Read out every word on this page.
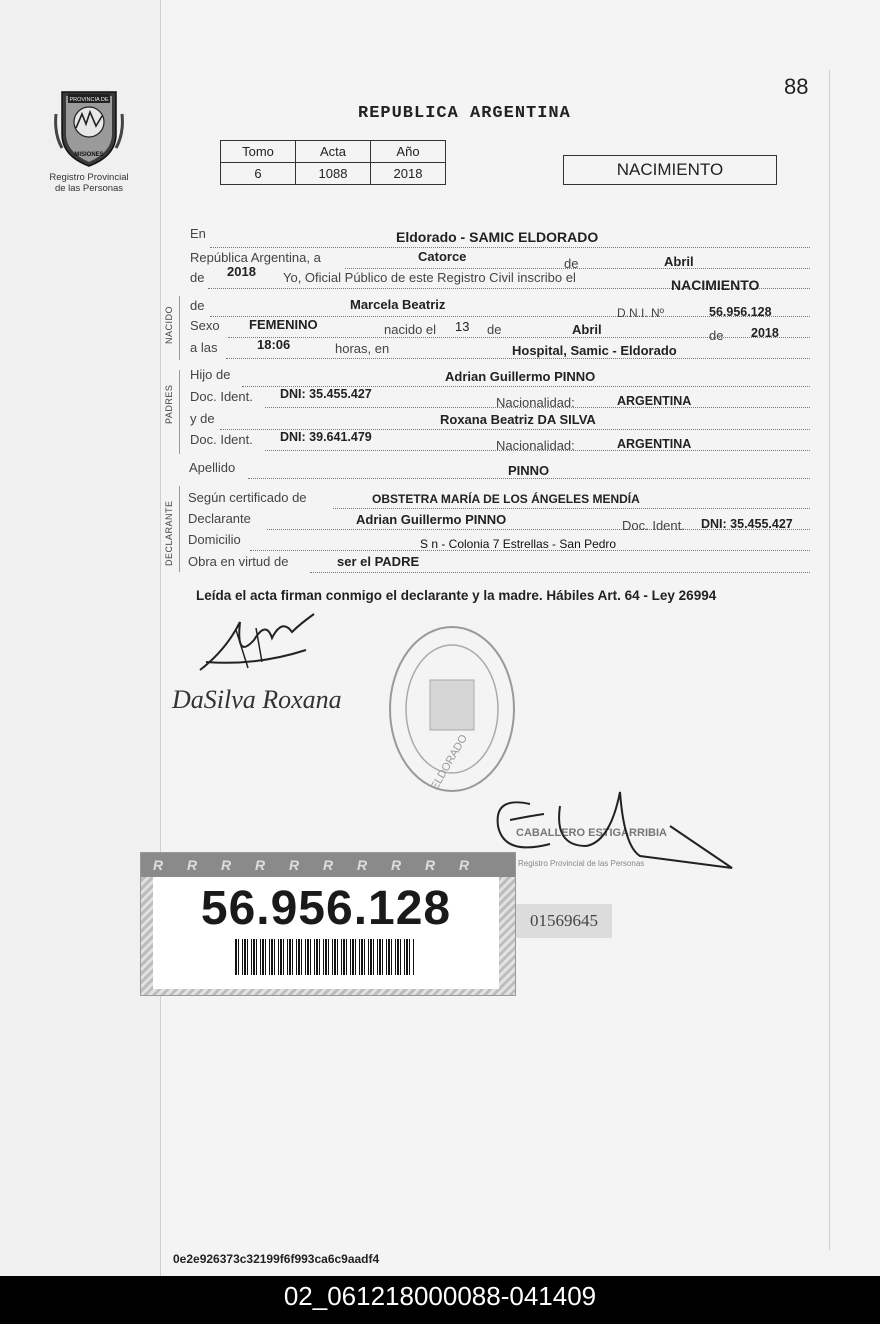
88
REPUBLICA ARGENTINA
PROVINCIA DE
MISIONES
Registro Provincial
de las Personas
Tomo	Acta	Año
6	1088	2018	NACIMIENTO
En	Eldorado - SAMIC ELDORADO
República Argentina, a	Catorce	de	Abril
de 2018 Yo, Oficial Público de este Registro Civil inscribo el	NACIMIENTO
NACIDO
de	Marcela Beatriz
D.N.I. Nº	56.956.128
Sexo FEMENINO	nacido el 13 de	Abril	de 2018
a las	18:06	horas, en	Hospital, Samic - Eldorado
PADRES
Hijo de	Adrian Guillermo PINNO
Doc. Ident. DNI: 35.455.427
Nacionalidad:	ARGENTINA
y de	Roxana Beatriz DA SILVA
Doc. Ident. DNI: 39.641.479
Nacionalidad:	ARGENTINA
Apellido	PINNO
DECLARANTE
Según certificado de	OBSTETRA MARÍA DE LOS ÁNGELES MENDÍA
Declarante	Adrian Guillermo PINNO	Doc. Ident. DNI: 35.455.427
Domicilio	S n - Colonia 7 Estrellas - San Pedro
Obra en virtud de	ser el PADRE
Leída el acta firman conmigo el declarante y la madre. Hábiles Art. 64 - Ley 26994
DaSilva Roxana
ELDORADO
CABALLERO ESTIGARRIBIA
Registro Provincial de las Personas
R R R R R R R R R R
56.956.128	01569645
0e2e926373c32199f6f993ca6c9aadf4
02_061218000088-041409
